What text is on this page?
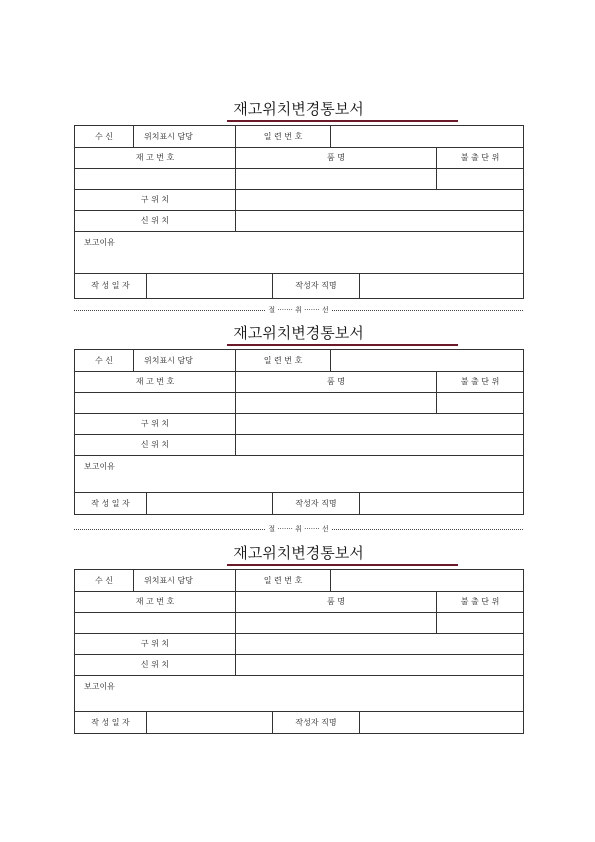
재고위치변경통보서
수 신	위치표시 담당		일 련 번 호				
재 고 번 호			품 명				불 출 단 위

구 위 치							
신 위 치							
보고이유							
작 성 일 자				작성자 직명			
절 ······· 취 ······· 선
재고위치변경통보서
수 신	위치표시 담당		일 련 번 호				
재 고 번 호			품 명				불 출 단 위

구 위 치							
신 위 치							
보고이유							
작 성 일 자				작성자 직명			
절 ······· 취 ······· 선
재고위치변경통보서
수 신	위치표시 담당		일 련 번 호				
재 고 번 호			품 명				불 출 단 위

구 위 치							
신 위 치							
보고이유							
작 성 일 자				작성자 직명			
